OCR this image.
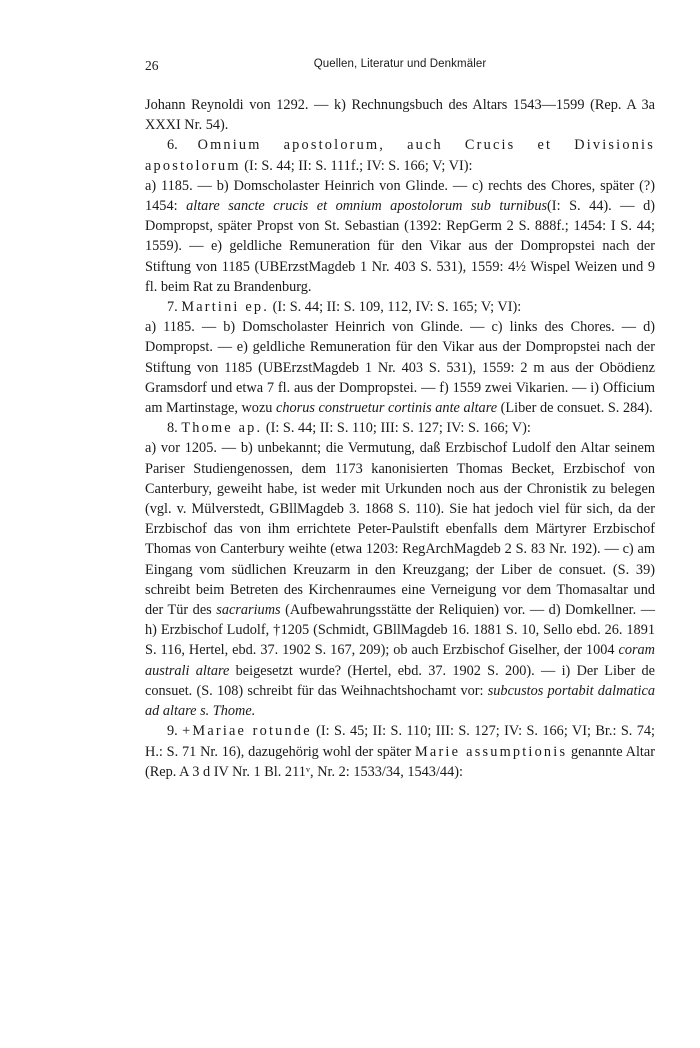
26	Quellen, Literatur und Denkmäler

Johann Reynoldi von 1292. — k) Rechnungsbuch des Altars 1543—1599 (Rep. A 3a XXXI Nr. 54).

6. Omnium apostolorum, auch Crucis et Divisionis apostolorum (I: S. 44; II: S. 111f.; IV: S. 166; V; VI):

a) 1185. — b) Domscholaster Heinrich von Glinde. — c) rechts des Chores, später (?) 1454: altare sancte crucis et omnium apostolorum sub turnibus(I: S. 44). — d) Dompropst, später Propst von St. Sebastian (1392: RepGerm 2 S. 888f.; 1454: I S. 44; 1559). — e) geldliche Remuneration für den Vikar aus der Dompropstei nach der Stiftung von 1185 (UBErzstMagdeb 1 Nr. 403 S. 531), 1559: 4½ Wispel Weizen und 9 fl. beim Rat zu Brandenburg.

7. Martini ep. (I: S. 44; II: S. 109, 112, IV: S. 165; V; VI):

a) 1185. — b) Domscholaster Heinrich von Glinde. — c) links des Chores. — d) Dompropst. — e) geldliche Remuneration für den Vikar aus der Dompropstei nach der Stiftung von 1185 (UBErzstMagdeb 1 Nr. 403 S. 531), 1559: 2 m aus der Obödienz Gramsdorf und etwa 7 fl. aus der Dompropstei. — f) 1559 zwei Vikarien. — i) Officium am Martinstage, wozu chorus construetur cortinis ante altare (Liber de consuet. S. 284).

8. Thome ap. (I: S. 44; II: S. 110; III: S. 127; IV: S. 166; V):

a) vor 1205. — b) unbekannt; die Vermutung, daß Erzbischof Ludolf den Altar seinem Pariser Studiengenossen, dem 1173 kanonisierten Thomas Becket, Erzbischof von Canterbury, geweiht habe, ist weder mit Urkunden noch aus der Chronistik zu belegen (vgl. v. Mülverstedt, GBllMagdeb 3. 1868 S. 110). Sie hat jedoch viel für sich, da der Erzbischof das von ihm errichtete Peter-Paulstift ebenfalls dem Märtyrer Erzbischof Thomas von Canterbury weihte (etwa 1203: RegArchMagdeb 2 S. 83 Nr. 192). — c) am Eingang vom südlichen Kreuzarm in den Kreuzgang; der Liber de consuet. (S. 39) schreibt beim Betreten des Kirchenraumes eine Verneigung vor dem Thomasaltar und der Tür des sacrariums (Aufbewahrungsstätte der Reliquien) vor. — d) Domkellner. — h) Erzbischof Ludolf, †1205 (Schmidt, GBllMagdeb 16. 1881 S. 10, Sello ebd. 26. 1891 S. 116, Hertel, ebd. 37. 1902 S. 167, 209); ob auch Erzbischof Giselher, der 1004 coram australi altare beigesetzt wurde? (Hertel, ebd. 37. 1902 S. 200). — i) Der Liber de consuet. (S. 108) schreibt für das Weihnachtshochamt vor: subcustos portabit dalmatica ad altare s. Thome.

9. +Mariae rotunde (I: S. 45; II: S. 110; III: S. 127; IV: S. 166; VI; Br.: S. 74; H.: S. 71 Nr. 16), dazugehörig wohl der später Marie assumptionis genannte Altar (Rep. A 3 d IV Nr. 1 Bl. 211ᵛ, Nr. 2: 1533/34, 1543/44):
